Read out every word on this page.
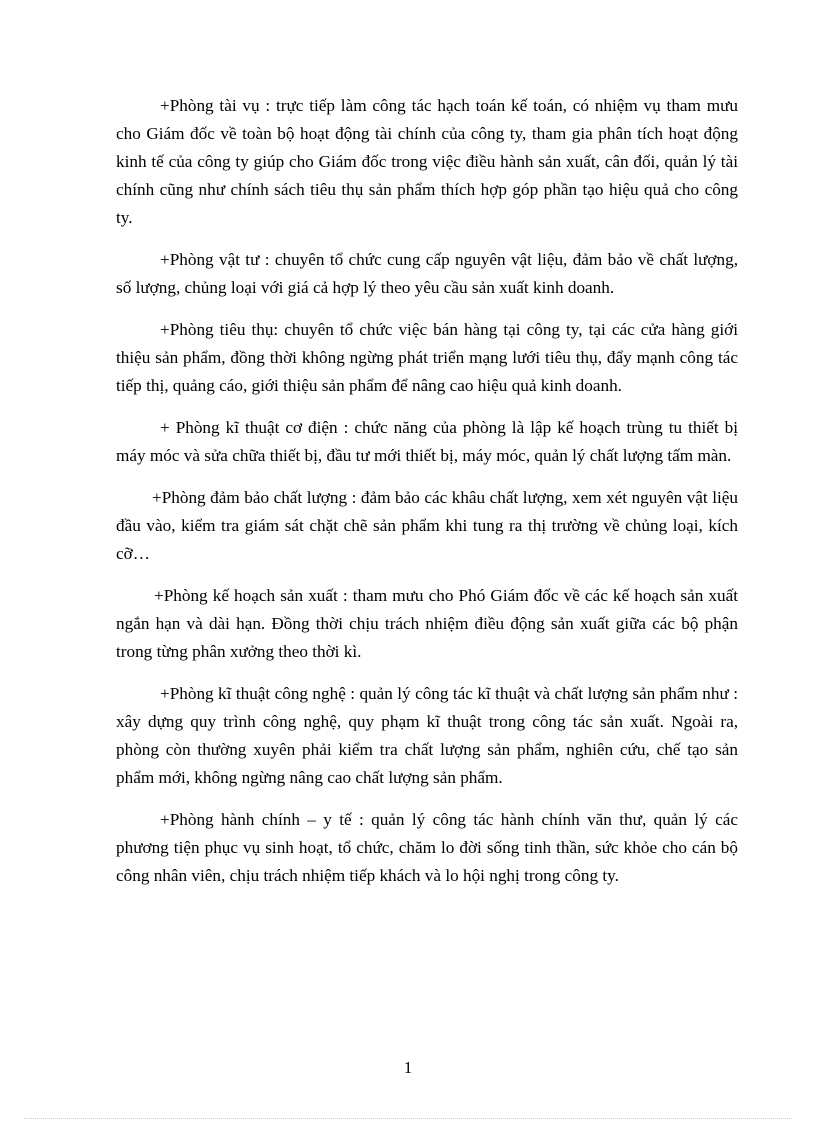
+Phòng tài vụ : trực tiếp làm công tác hạch toán kế toán, có nhiệm vụ tham mưu cho Giám đốc về toàn bộ hoạt động tài chính của công ty, tham gia phân tích hoạt động kinh tế của công ty giúp cho Giám đốc trong việc điều hành sản xuất, cân đối, quản lý tài chính cũng như chính sách tiêu thụ sản phẩm thích hợp góp phần tạo hiệu quả cho công ty.

+Phòng vật tư : chuyên tổ chức cung cấp nguyên vật liệu, đảm bảo về chất lượng, số lượng, chủng loại với giá cả hợp lý theo yêu cầu sản xuất kinh doanh.

+Phòng tiêu thụ: chuyên tổ chức việc bán hàng tại công ty, tại các cửa hàng giới thiệu sản phẩm, đồng thời không ngừng phát triển mạng lưới tiêu thụ, đẩy mạnh công tác tiếp thị, quảng cáo, giới thiệu sản phẩm để nâng cao hiệu quả kinh doanh.

+ Phòng kĩ thuật cơ điện : chức năng của phòng là lập kế hoạch trùng tu thiết bị máy móc và sửa chữa thiết bị, đầu tư mới thiết bị, máy móc, quản lý chất lượng tấm màn.

+Phòng đảm bảo chất lượng : đảm bảo các khâu chất lượng, xem xét nguyên vật liệu đầu vào, kiểm tra giám sát chặt chẽ sản phẩm khi tung ra thị trường về chủng loại, kích cỡ…

+Phòng kế hoạch sản xuất : tham mưu cho Phó Giám đốc về các kế hoạch sản xuất ngắn hạn và dài hạn. Đồng thời chịu trách nhiệm điều động sản xuất giữa các bộ phận trong từng phân xưởng theo thời kì.

+Phòng kĩ thuật công nghệ : quản lý công tác kĩ thuật và chất lượng sản phẩm như : xây dựng quy trình công nghệ, quy phạm kĩ thuật trong công tác sản xuất. Ngoài ra, phòng còn thường xuyên phải kiểm tra chất lượng sản phẩm, nghiên cứu, chế tạo sản phẩm mới, không ngừng nâng cao chất lượng sản phẩm.

+Phòng hành chính – y tế : quản lý công tác hành chính văn thư, quản lý các phương tiện phục vụ sinh hoạt, tổ chức, chăm lo đời sống tinh thần, sức khỏe cho cán bộ công nhân viên, chịu trách nhiệm tiếp khách và lo hội nghị trong công ty.

1
